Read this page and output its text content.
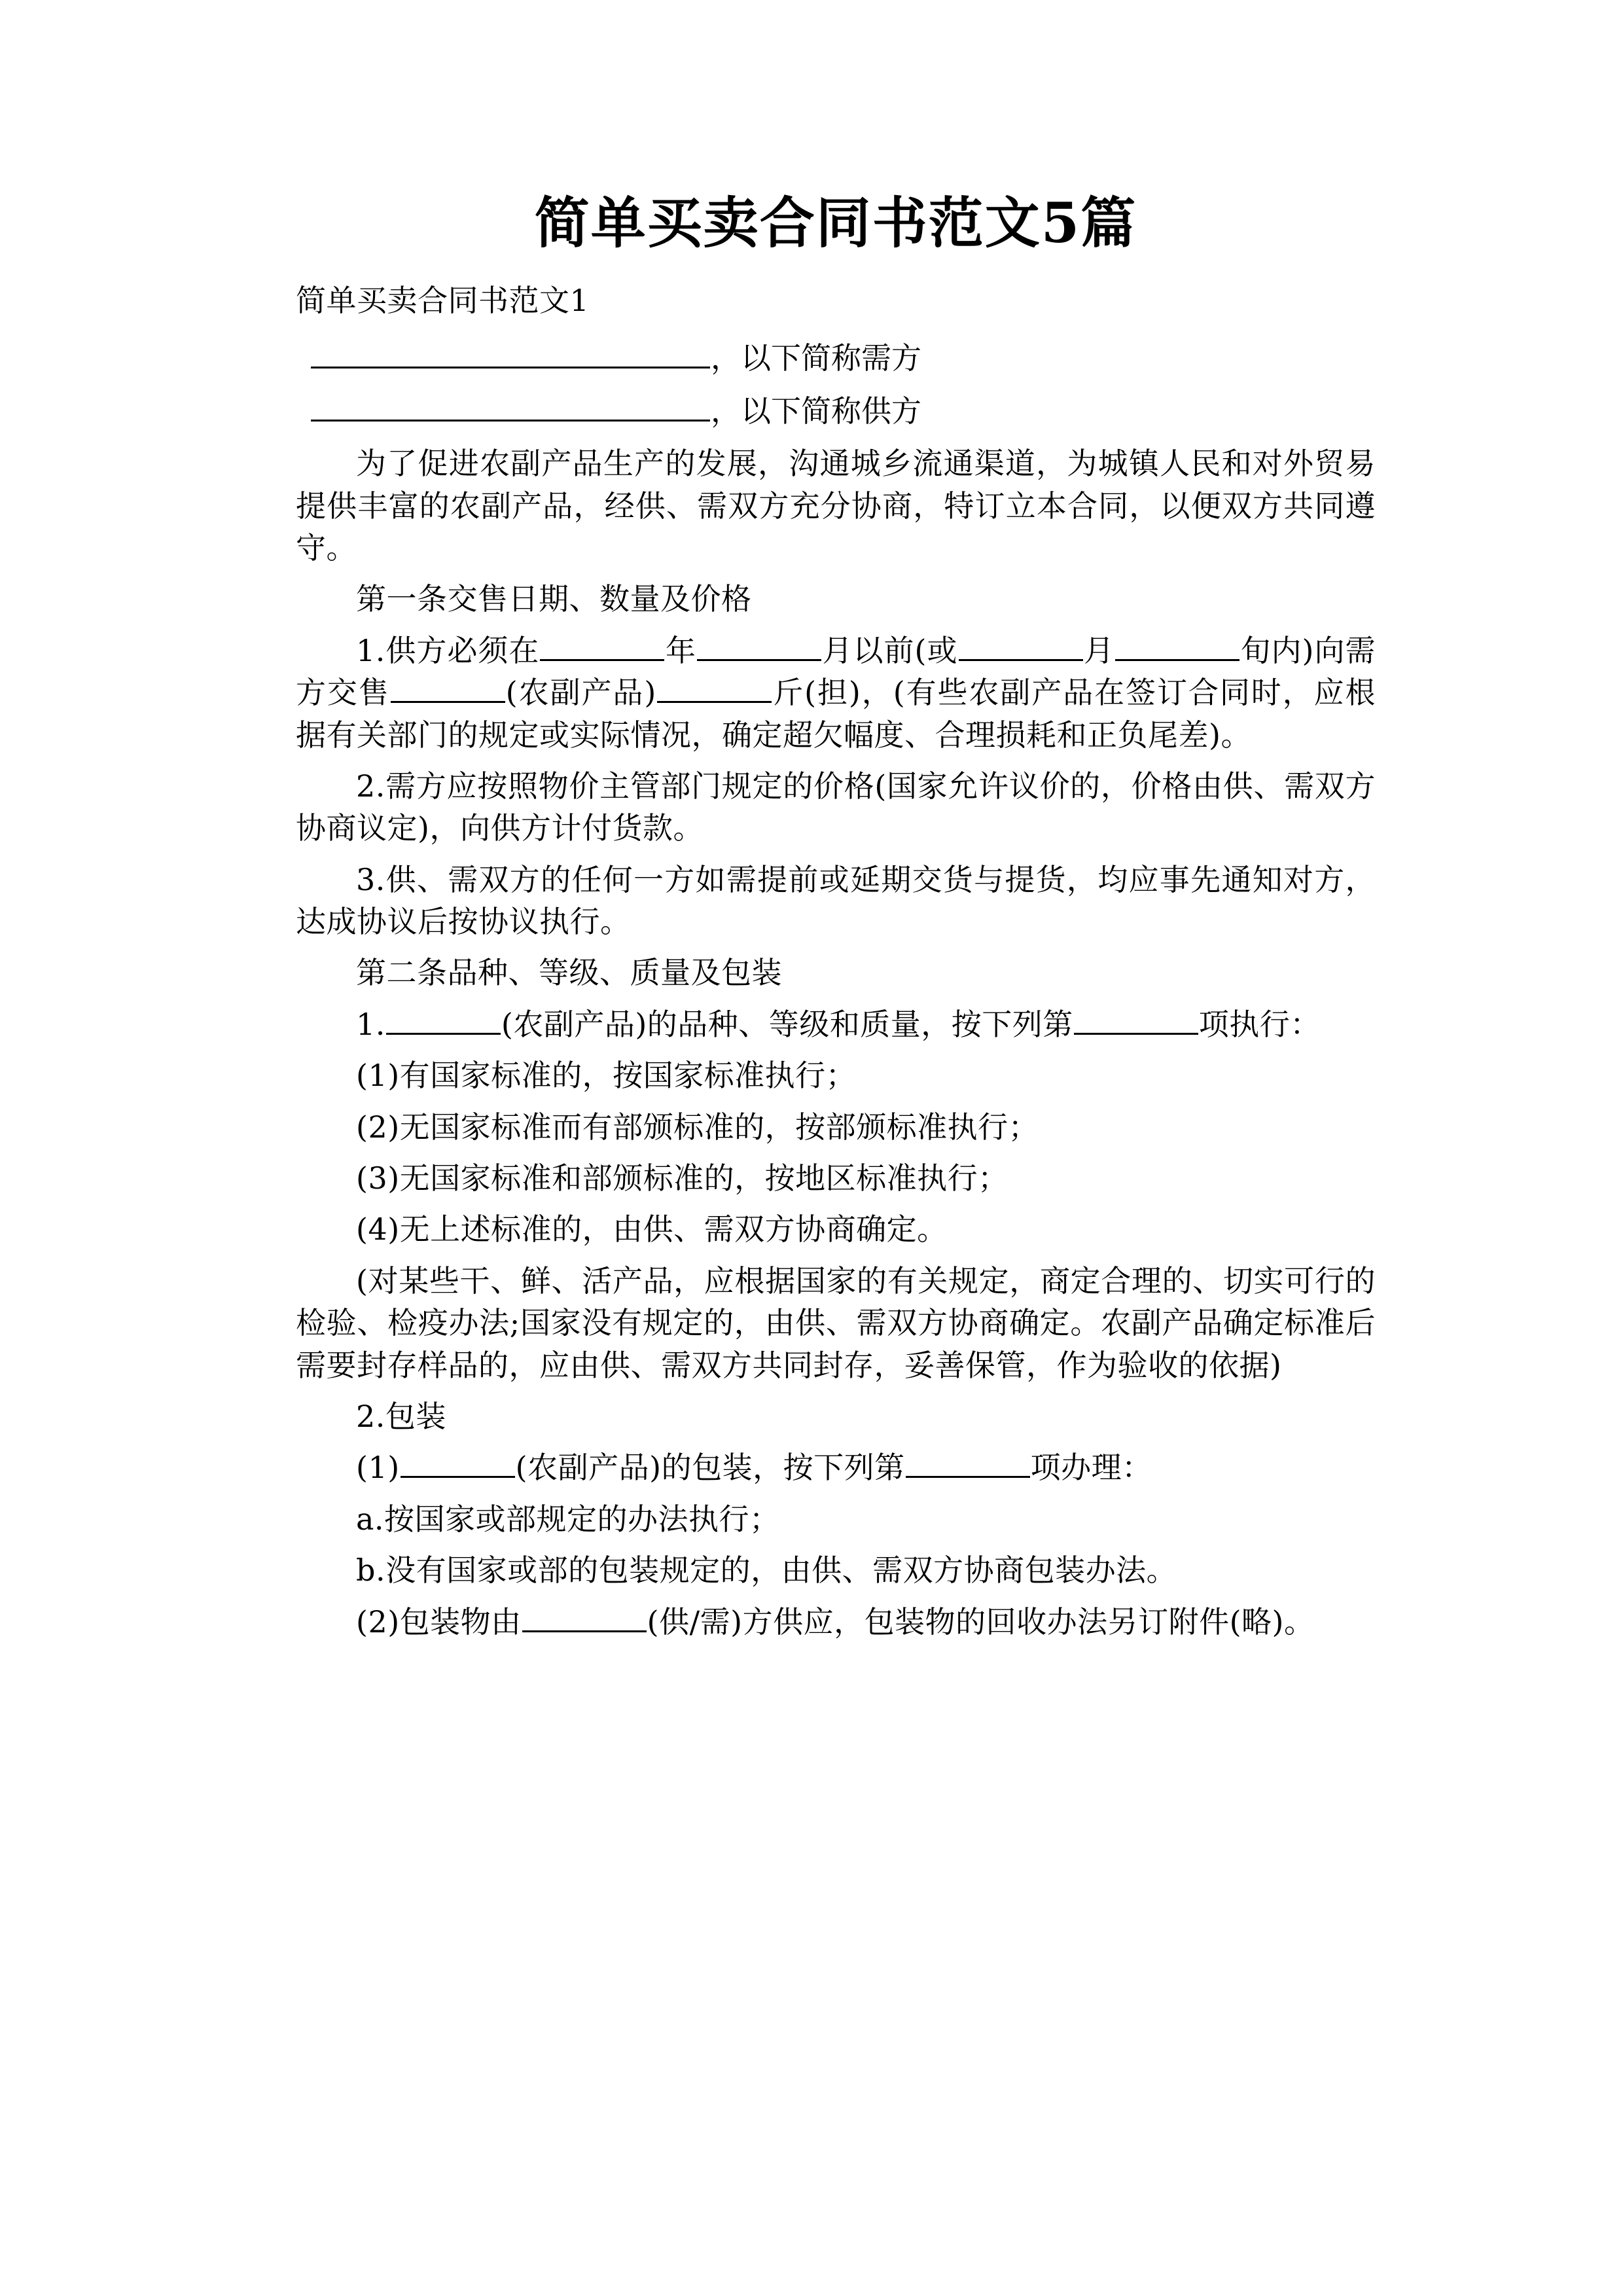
简单买卖合同书范文5篇

简单买卖合同书范文1

，以下简称需方

，以下简称供方

为了促进农副产品生产的发展，沟通城乡流通渠道，为城镇人民和对外贸易提供丰富的农副产品，经供、需双方充分协商，特订立本合同，以便双方共同遵守。

第一条交售日期、数量及价格

1.供方必须在	年	月以前(或	月	旬内)向需方交售	(农副产品)	斤(担)，(有些农副产品在签订合同时，应根据有关部门的规定或实际情况，确定超欠幅度、合理损耗和正负尾差)。

2.需方应按照物价主管部门规定的价格(国家允许议价的，价格由供、需双方协商议定)，向供方计付货款。

3.供、需双方的任何一方如需提前或延期交货与提货，均应事先通知对方，达成协议后按协议执行。

第二条品种、等级、质量及包装

1.	(农副产品)的品种、等级和质量，按下列第	项执行：

(1)有国家标准的，按国家标准执行；

(2)无国家标准而有部颁标准的，按部颁标准执行；

(3)无国家标准和部颁标准的，按地区标准执行；

(4)无上述标准的，由供、需双方协商确定。

(对某些干、鲜、活产品，应根据国家的有关规定，商定合理的、切实可行的检验、检疫办法;国家没有规定的，由供、需双方协商确定。农副产品确定标准后需要封存样品的，应由供、需双方共同封存，妥善保管，作为验收的依据)

2.包装

(1)	(农副产品)的包装，按下列第	项办理：

a.按国家或部规定的办法执行；

b.没有国家或部的包装规定的，由供、需双方协商包装办法。

(2)包装物由	(供/需)方供应，包装物的回收办法另订附件(略)。
